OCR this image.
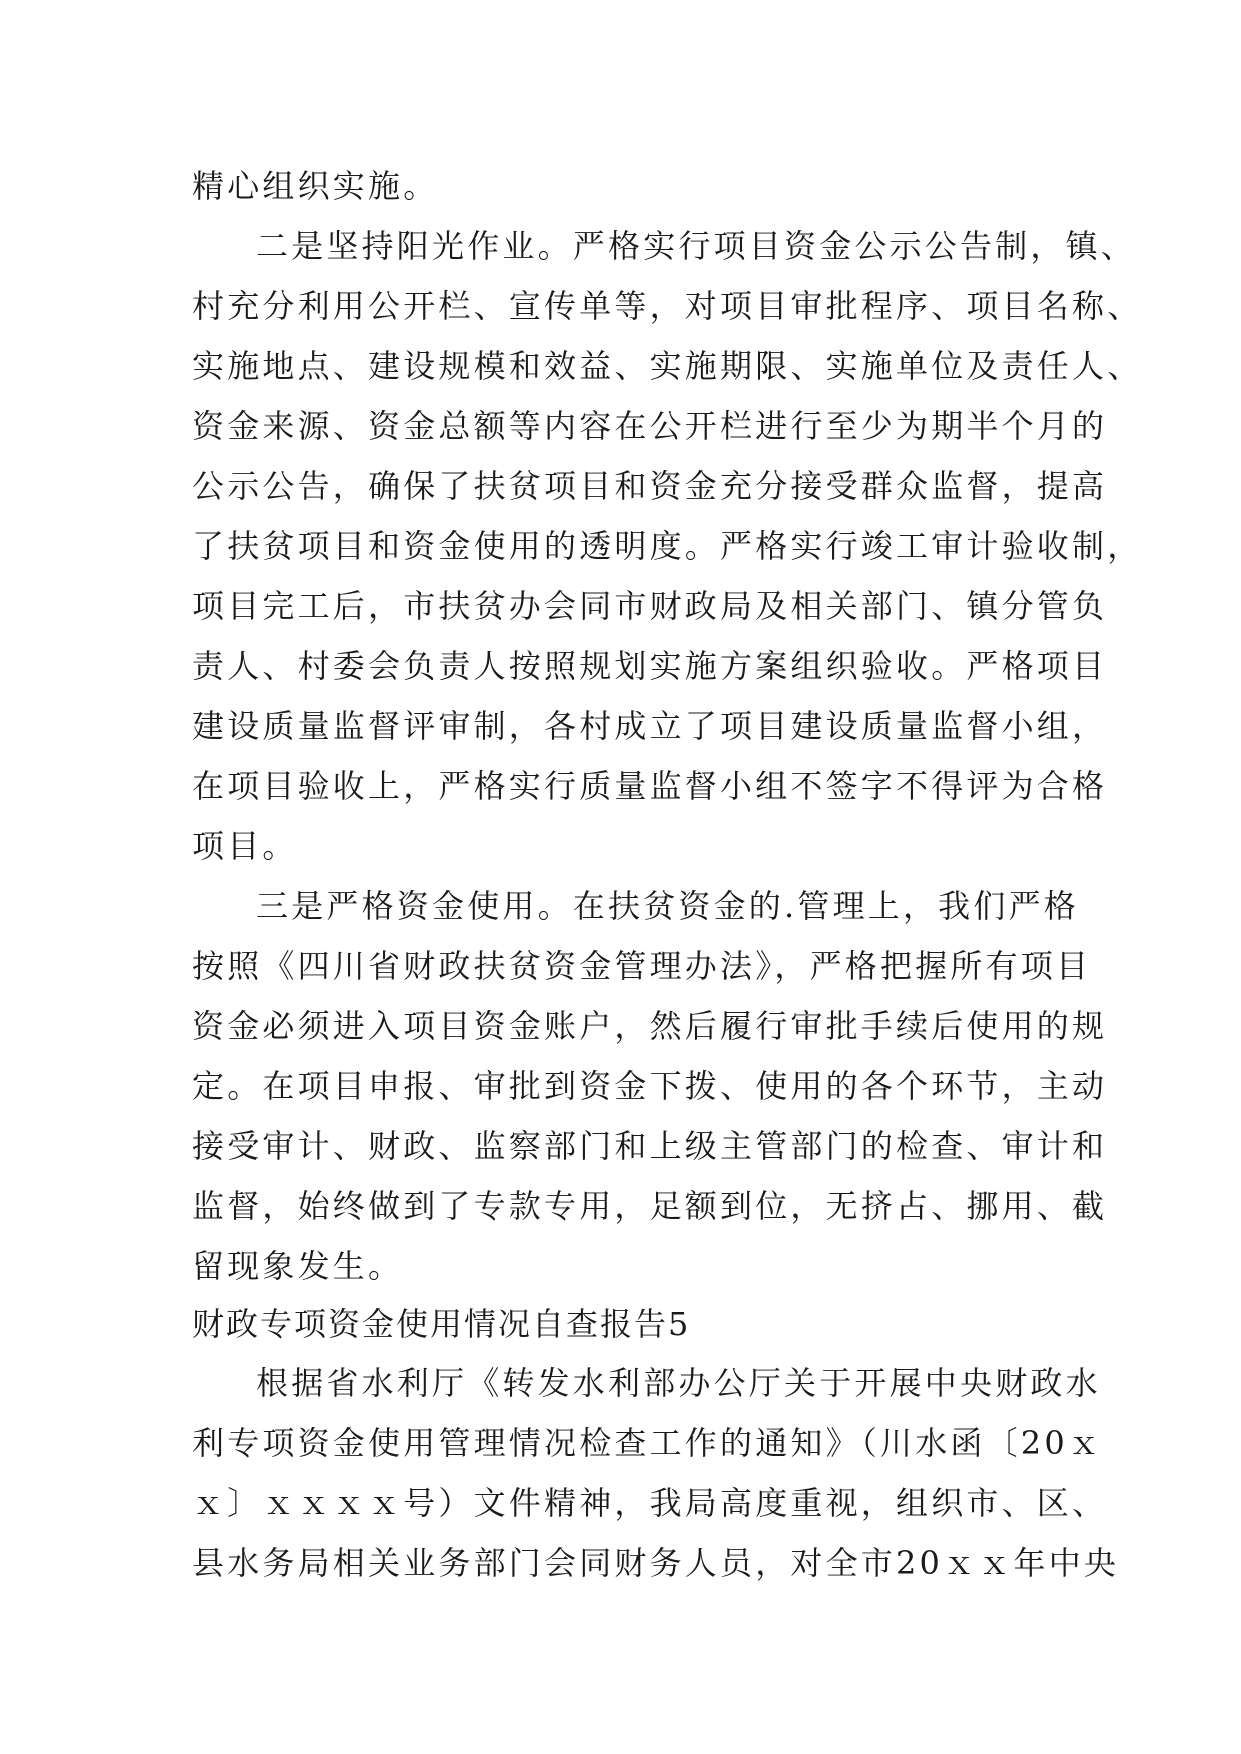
精心组织实施。
二是坚持阳光作业。严格实行项目资金公示公告制，镇、
村充分利用公开栏、宣传单等，对项目审批程序、项目名称、
实施地点、建设规模和效益、实施期限、实施单位及责任人、
资金来源、资金总额等内容在公开栏进行至少为期半个月的
公示公告，确保了扶贫项目和资金充分接受群众监督，提高
了扶贫项目和资金使用的透明度。严格实行竣工审计验收制，
项目完工后，市扶贫办会同市财政局及相关部门、镇分管负
责人、村委会负责人按照规划实施方案组织验收。严格项目
建设质量监督评审制，各村成立了项目建设质量监督小组，
在项目验收上，严格实行质量监督小组不签字不得评为合格
项目。
三是严格资金使用。在扶贫资金的.管理上，我们严格
按照《四川省财政扶贫资金管理办法》，严格把握所有项目
资金必须进入项目资金账户，然后履行审批手续后使用的规
定。在项目申报、审批到资金下拨、使用的各个环节，主动
接受审计、财政、监察部门和上级主管部门的检查、审计和
监督，始终做到了专款专用，足额到位，无挤占、挪用、截
留现象发生。
财政专项资金使用情况自查报告5
根据省水利厅《转发水利部办公厅关于开展中央财政水
利专项资金使用管理情况检查工作的通知》（川水函〔20ｘ
ｘ〕ｘｘｘｘ号）文件精神，我局高度重视，组织市、区、
县水务局相关业务部门会同财务人员，对全市20ｘｘ年中央
